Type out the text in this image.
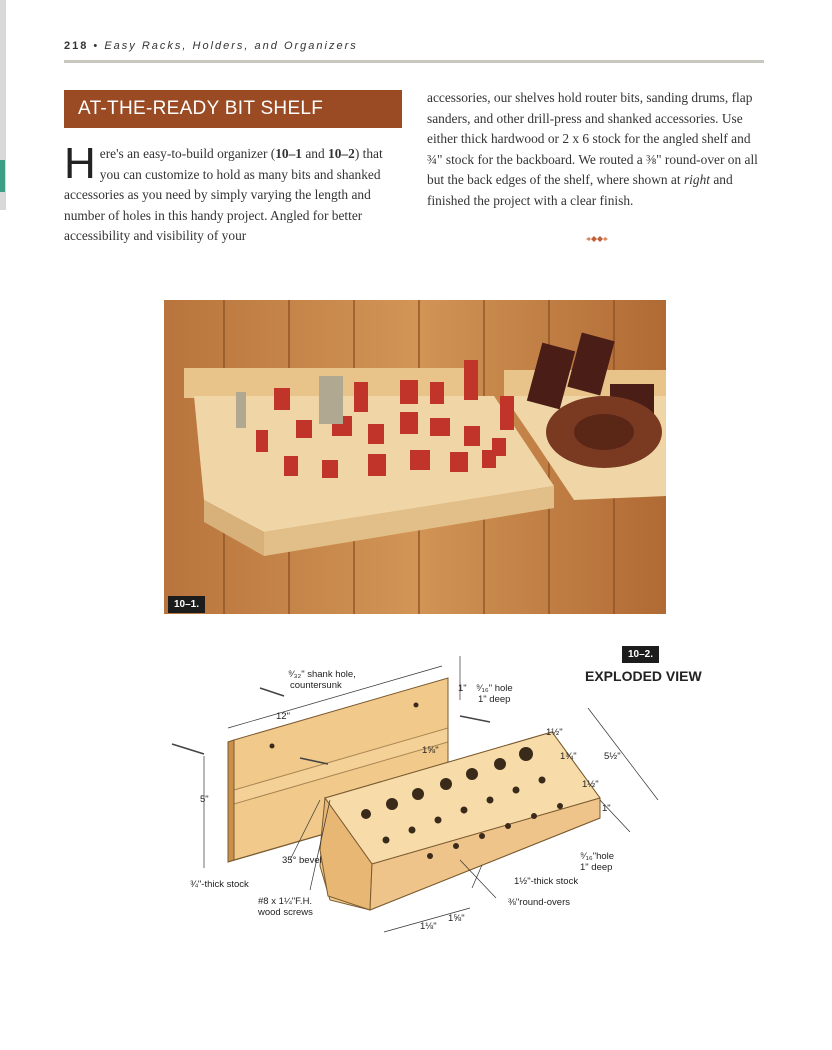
218 • Easy Racks, Holders, and Organizers
AT-THE-READY BIT SHELF
Here's an easy-to-build organizer (10–1 and 10–2) that you can customize to hold as many bits and shanked accessories as you need by simply varying the length and number of holes in this handy project. Angled for better accessibility and visibility of your
accessories, our shelves hold router bits, sanding drums, flap sanders, and other drill-press and shanked accessories. Use either thick hardwood or 2 x 6 stock for the angled shelf and ¾" stock for the backboard. We routed a ⅜" round-over on all but the back edges of the shelf, where shown at right and finished the project with a clear finish.
10–1.
10–2.
EXPLODED VIEW
⁹⁄₃₂" shank hole,
countersunk
12"
1" ⁹⁄₁₆" hole
1" deep
1⅝"
5"
1½"
1¾"	5½"
1½"
1"
35° bevel
¾"-thick stock
#8 x 1¼"F.H.
wood screws
⁹⁄₁₆"hole
1" deep
1½"-thick stock
⅜"round-overs
1⅛"
1⅝"
